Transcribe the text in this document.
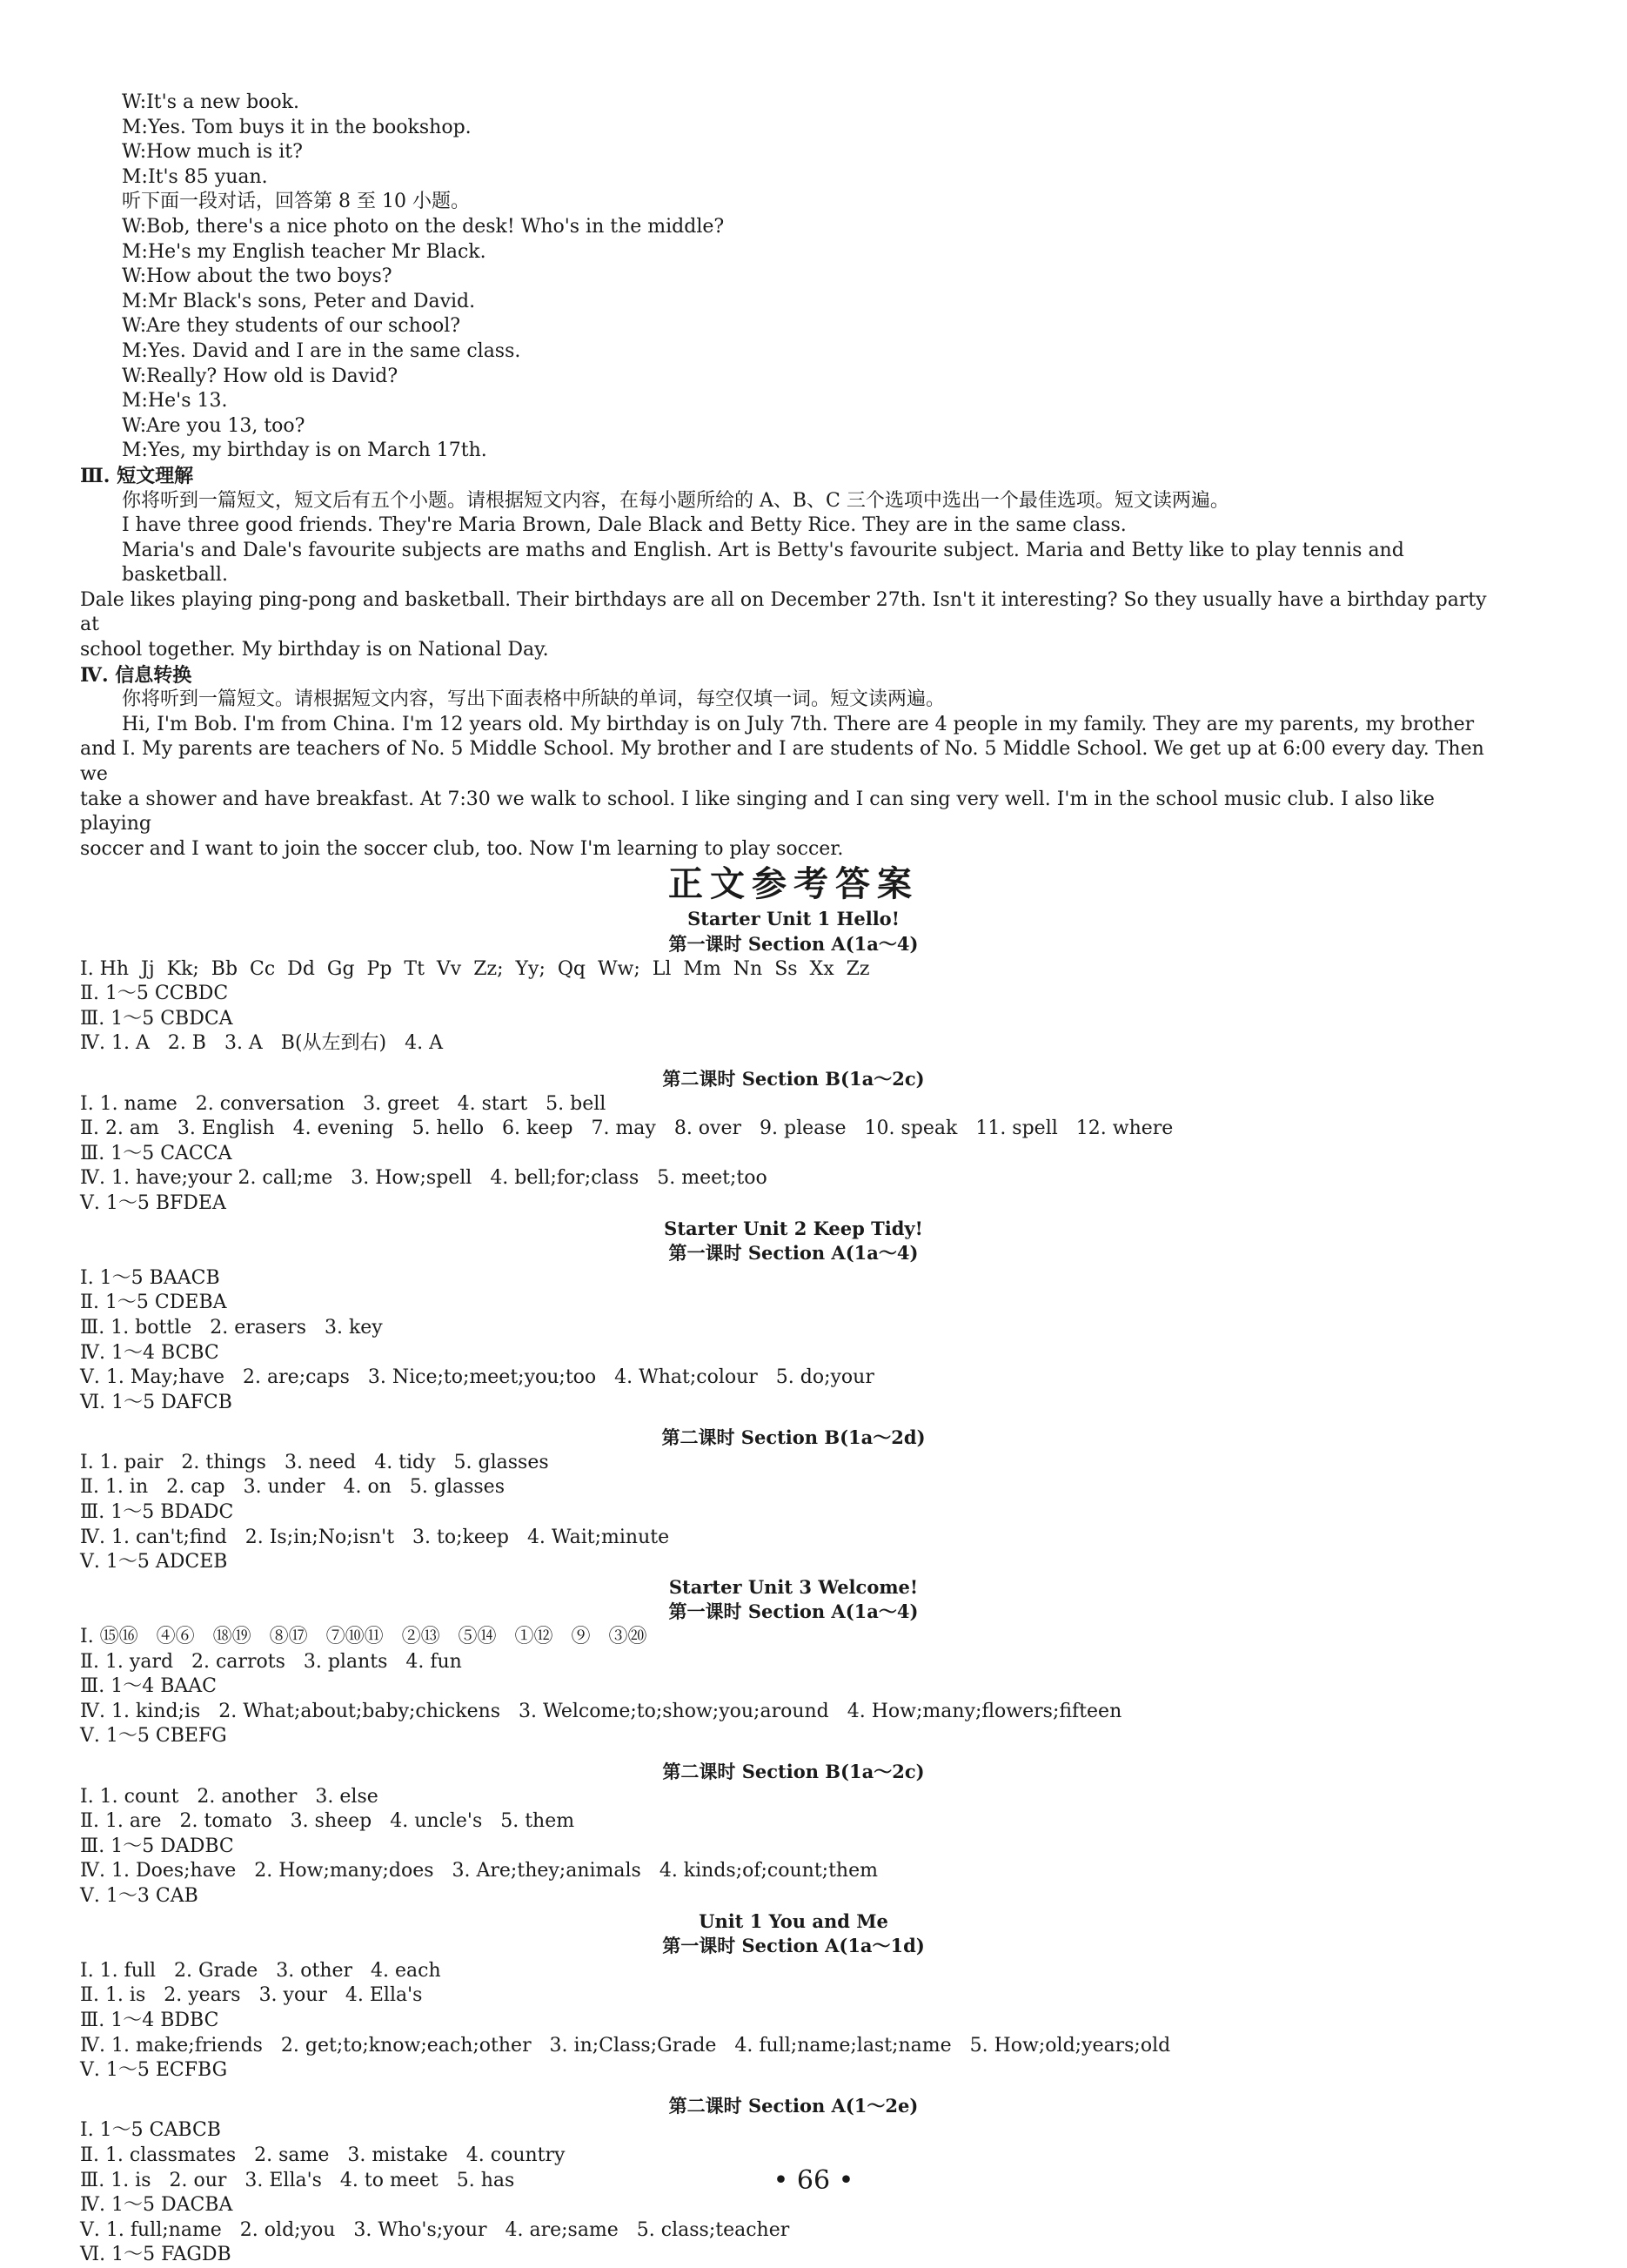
W:It's a new book.
M:Yes. Tom buys it in the bookshop.
W:How much is it?
M:It's 85 yuan.
听下面一段对话，回答第 8 至 10 小题。
W:Bob, there's a nice photo on the desk! Who's in the middle?
M:He's my English teacher Mr Black.
W:How about the two boys?
M:Mr Black's sons, Peter and David.
W:Are they students of our school?
M:Yes. David and I are in the same class.
W:Really? How old is David?
M:He's 13.
W:Are you 13, too?
M:Yes, my birthday is on March 17th.
Ⅲ. 短文理解
你将听到一篇短文，短文后有五个小题。请根据短文内容，在每小题所给的 A、B、C 三个选项中选出一个最佳选项。短文读两遍。
I have three good friends. They're Maria Brown, Dale Black and Betty Rice. They are in the same class.
Maria's and Dale's favourite subjects are maths and English. Art is Betty's favourite subject. Maria and Betty like to play tennis and basketball.
Dale likes playing ping-pong and basketball. Their birthdays are all on December 27th. Isn't it interesting? So they usually have a birthday party at
school together. My birthday is on National Day.
Ⅳ. 信息转换
你将听到一篇短文。请根据短文内容，写出下面表格中所缺的单词，每空仅填一词。短文读两遍。
Hi, I'm Bob. I'm from China. I'm 12 years old. My birthday is on July 7th. There are 4 people in my family. They are my parents, my brother
and I. My parents are teachers of No. 5 Middle School. My brother and I are students of No. 5 Middle School. We get up at 6:00 every day. Then we
take a shower and have breakfast. At 7:30 we walk to school. I like singing and I can sing very well. I'm in the school music club. I also like playing
soccer and I want to join the soccer club, too. Now I'm learning to play soccer.
正文参考答案
Starter Unit 1 Hello!
第一课时 Section A(1a～4)
Ⅰ. Hh  Jj  Kk;  Bb  Cc  Dd  Gg  Pp  Tt  Vv  Zz;  Yy;  Qq  Ww;  Ll  Mm  Nn  Ss  Xx  Zz
Ⅱ. 1～5 CCBDC
Ⅲ. 1～5 CBDCA
Ⅳ. 1. A   2. B   3. A   B(从左到右)   4. A
第二课时 Section B(1a～2c)
Ⅰ. 1. name   2. conversation   3. greet   4. start   5. bell
Ⅱ. 2. am   3. English   4. evening   5. hello   6. keep   7. may   8. over   9. please   10. speak   11. spell   12. where
Ⅲ. 1～5 CACCA
Ⅳ. 1. have;your 2. call;me   3. How;spell   4. bell;for;class   5. meet;too
Ⅴ. 1～5 BFDEA
Starter Unit 2 Keep Tidy!
第一课时 Section A(1a～4)
Ⅰ. 1～5 BAACB
Ⅱ. 1～5 CDEBA
Ⅲ. 1. bottle   2. erasers   3. key
Ⅳ. 1～4 BCBC
Ⅴ. 1. May;have   2. are;caps   3. Nice;to;meet;you;too   4. What;colour   5. do;your
Ⅵ. 1～5 DAFCB
第二课时 Section B(1a～2d)
Ⅰ. 1. pair   2. things   3. need   4. tidy   5. glasses
Ⅱ. 1. in   2. cap   3. under   4. on   5. glasses
Ⅲ. 1～5 BDADC
Ⅳ. 1. can't;find   2. Is;in;No;isn't   3. to;keep   4. Wait;minute
Ⅴ. 1～5 ADCEB
Starter Unit 3 Welcome!
第一课时 Section A(1a～4)
Ⅰ. ⑮⑯   ④⑥   ⑱⑲   ⑧⑰   ⑦⑩⑪   ②⑬   ⑤⑭   ①⑫   ⑨   ③⑳
Ⅱ. 1. yard   2. carrots   3. plants   4. fun
Ⅲ. 1～4 BAAC
Ⅳ. 1. kind;is   2. What;about;baby;chickens   3. Welcome;to;show;you;around   4. How;many;flowers;fifteen
Ⅴ. 1～5 CBEFG
第二课时 Section B(1a～2c)
Ⅰ. 1. count   2. another   3. else
Ⅱ. 1. are   2. tomato   3. sheep   4. uncle's   5. them
Ⅲ. 1～5 DADBC
Ⅳ. 1. Does;have   2. How;many;does   3. Are;they;animals   4. kinds;of;count;them
Ⅴ. 1～3 CAB
Unit 1 You and Me
第一课时 Section A(1a～1d)
Ⅰ. 1. full   2. Grade   3. other   4. each
Ⅱ. 1. is   2. years   3. your   4. Ella's
Ⅲ. 1～4 BDBC
Ⅳ. 1. make;friends   2. get;to;know;each;other   3. in;Class;Grade   4. full;name;last;name   5. How;old;years;old
Ⅴ. 1～5 ECFBG
第二课时 Section A(1～2e)
Ⅰ. 1～5 CABCB
Ⅱ. 1. classmates   2. same   3. mistake   4. country
Ⅲ. 1. is   2. our   3. Ella's   4. to meet   5. has
Ⅳ. 1～5 DACBA
Ⅴ. 1. full;name   2. old;you   3. Who's;your   4. are;same   5. class;teacher
Ⅵ. 1～5 FAGDB
• 66 •
